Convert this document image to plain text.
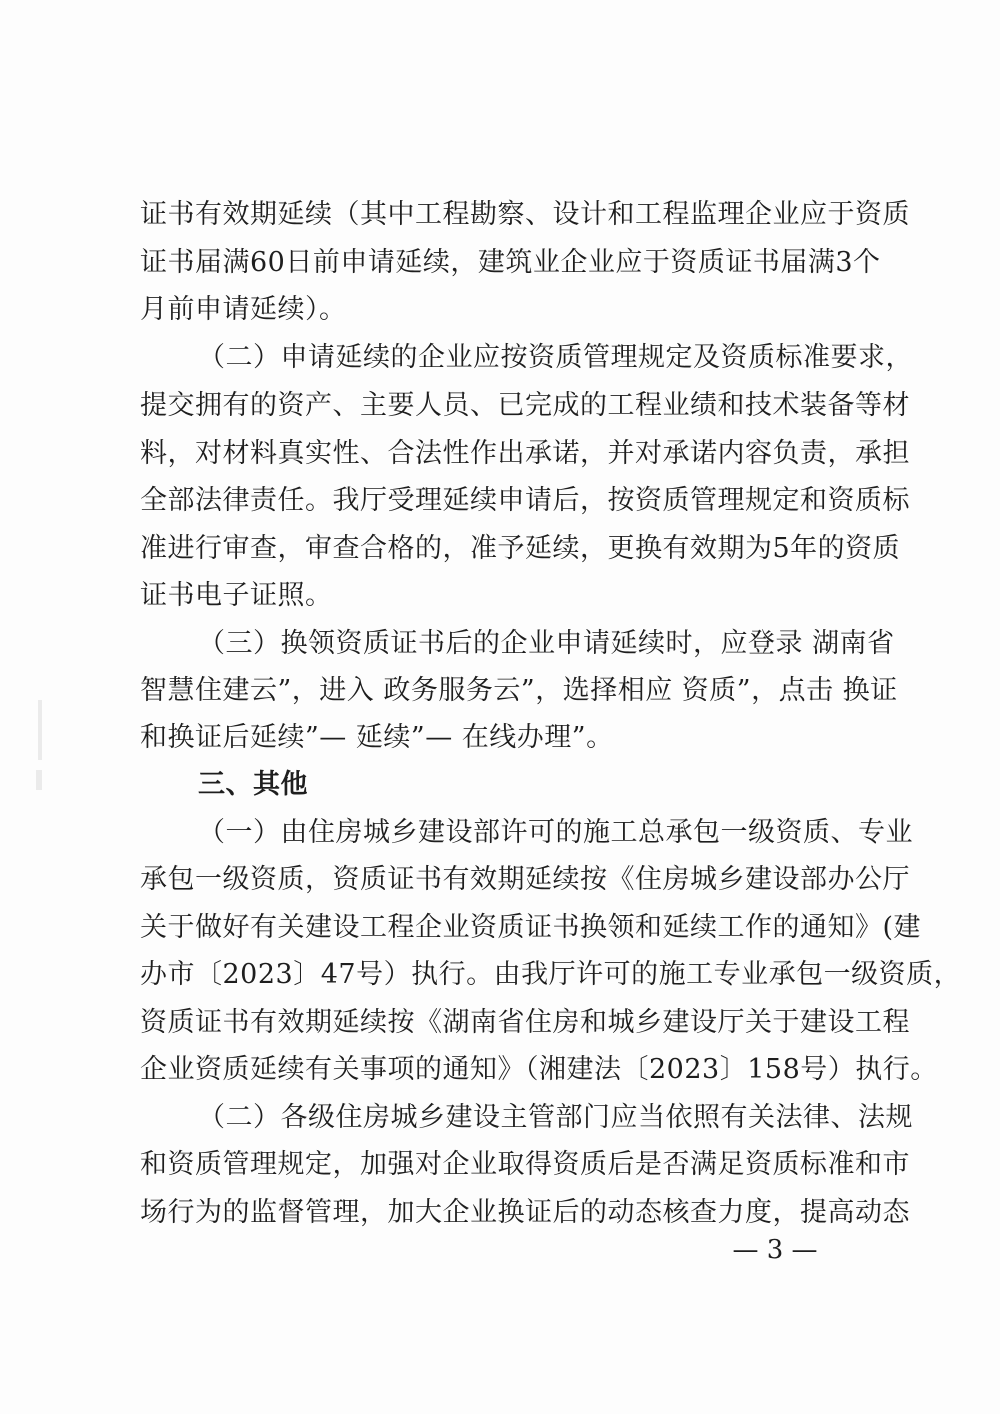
证书有效期延续（其中工程勘察、设计和工程监理企业应于资质
证书届满60日前申请延续，建筑业企业应于资质证书届满3个
月前申请延续）。
（二）申请延续的企业应按资质管理规定及资质标准要求，
提交拥有的资产、主要人员、已完成的工程业绩和技术装备等材
料，对材料真实性、合法性作出承诺，并对承诺内容负责，承担
全部法律责任。我厅受理延续申请后，按资质管理规定和资质标
准进行审查，审查合格的，准予延续，更换有效期为5年的资质
证书电子证照。
（三）换领资质证书后的企业申请延续时，应登录 湖南省
智慧住建云”，进入 政务服务云”，选择相应 资质”，点击 换证
和换证后延续”— 延续”— 在线办理”。
三、其他
（一）由住房城乡建设部许可的施工总承包一级资质、专业
承包一级资质，资质证书有效期延续按《住房城乡建设部办公厅
关于做好有关建设工程企业资质证书换领和延续工作的通知》(建
办市〔2023〕47号）执行。由我厅许可的施工专业承包一级资质，
资质证书有效期延续按《湖南省住房和城乡建设厅关于建设工程
企业资质延续有关事项的通知》（湘建法〔2023〕158号）执行。
（二）各级住房城乡建设主管部门应当依照有关法律、法规
和资质管理规定，加强对企业取得资质后是否满足资质标准和市
场行为的监督管理，加大企业换证后的动态核查力度，提高动态
— 3 —
